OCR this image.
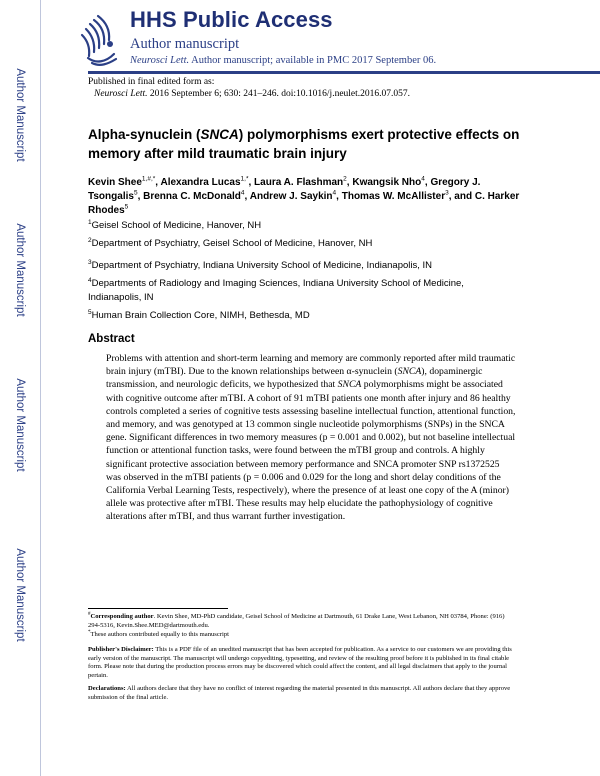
Author Manuscript
Author Manuscript
Author Manuscript
Author Manuscript
HHS Public Access
Author manuscript
Neurosci Lett. Author manuscript; available in PMC 2017 September 06.
Published in final edited form as:
Neurosci Lett. 2016 September 6; 630: 241–246. doi:10.1016/j.neulet.2016.07.057.
Alpha-synuclein (SNCA) polymorphisms exert protective effects on memory after mild traumatic brain injury
Kevin Shee$^{1,\#,*}$, Alexandra Lucas$^{1,*}$, Laura A. Flashman$^2$, Kwangsik Nho$^4$, Gregory J. Tsongalis$^5$, Brenna C. McDonald$^4$, Andrew J. Saykin$^4$, Thomas W. McAllister$^3$, and C. Harker Rhodes$^5$
$^1$Geisel School of Medicine, Hanover, NH
$^2$Department of Psychiatry, Geisel School of Medicine, Hanover, NH
$^3$Department of Psychiatry, Indiana University School of Medicine, Indianapolis, IN
$^4$Departments of Radiology and Imaging Sciences, Indiana University School of Medicine, Indianapolis, IN
$^5$Human Brain Collection Core, NIMH, Bethesda, MD
Abstract
Problems with attention and short-term learning and memory are commonly reported after mild traumatic brain injury (mTBI). Due to the known relationships between α-synuclein (SNCA), dopaminergic transmission, and neurologic deficits, we hypothesized that SNCA polymorphisms might be associated with cognitive outcome after mTBI. A cohort of 91 mTBI patients one month after injury and 86 healthy controls completed a series of cognitive tests assessing baseline intellectual function, attentional function, and memory, and was genotyped at 13 common single nucleotide polymorphisms (SNPs) in the SNCA gene. Significant differences in two memory measures (p = 0.001 and 0.002), but not baseline intellectual function or attentional function tasks, were found between the mTBI group and controls. A highly significant protective association between memory performance and SNCA promoter SNP rs1372525 was observed in the mTBI patients (p = 0.006 and 0.029 for the long and short delay conditions of the California Verbal Learning Tests, respectively), where the presence of at least one copy of the A (minor) allele was protective after mTBI. These results may help elucidate the pathophysiology of cognitive alterations after mTBI, and thus warrant further investigation.
#Corresponding author. Kevin Shee, MD-PhD candidate, Geisel School of Medicine at Dartmouth, 61 Drake Lane, West Lebanon, NH 03784, Phone: (916) 294-5316, Kevin.Shee.MED@dartmouth.edu.
*These authors contributed equally to this manuscript
Publisher's Disclaimer: This is a PDF file of an unedited manuscript that has been accepted for publication. As a service to our customers we are providing this early version of the manuscript. The manuscript will undergo copyediting, typesetting, and review of the resulting proof before it is published in its final citable form. Please note that during the production process errors may be discovered which could affect the content, and all legal disclaimers that apply to the journal pertain.
Declarations: All authors declare that they have no conflict of interest regarding the material presented in this manuscript. All authors declare that they approve submission of the final article.
